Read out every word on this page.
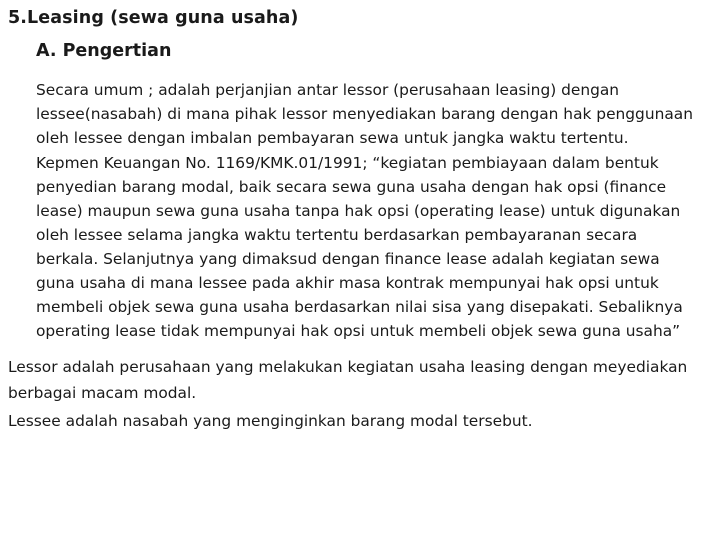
5.Leasing (sewa guna usaha)
A. Pengertian
Secara umum ; adalah perjanjian antar lessor (perusahaan leasing) dengan
lessee(nasabah) di mana pihak lessor menyediakan barang dengan hak penggunaan
oleh lessee dengan imbalan pembayaran sewa untuk jangka waktu tertentu.
Kepmen Keuangan No. 1169/KMK.01/1991; “kegiatan pembiayaan dalam bentuk
penyedian barang modal, baik secara sewa guna usaha dengan hak opsi (finance
lease) maupun sewa guna usaha tanpa hak opsi (operating lease) untuk digunakan
oleh lessee selama jangka waktu tertentu berdasarkan pembayaranan secara
berkala. Selanjutnya yang dimaksud dengan finance lease adalah kegiatan sewa
guna usaha di mana lessee pada akhir masa kontrak mempunyai hak opsi untuk
membeli objek sewa guna usaha berdasarkan nilai sisa yang disepakati. Sebaliknya
operating lease tidak mempunyai hak opsi untuk membeli objek sewa guna usaha”
Lessor adalah perusahaan yang melakukan kegiatan usaha leasing dengan meyediakan
berbagai macam modal.
Lessee adalah nasabah yang menginginkan barang modal tersebut.
